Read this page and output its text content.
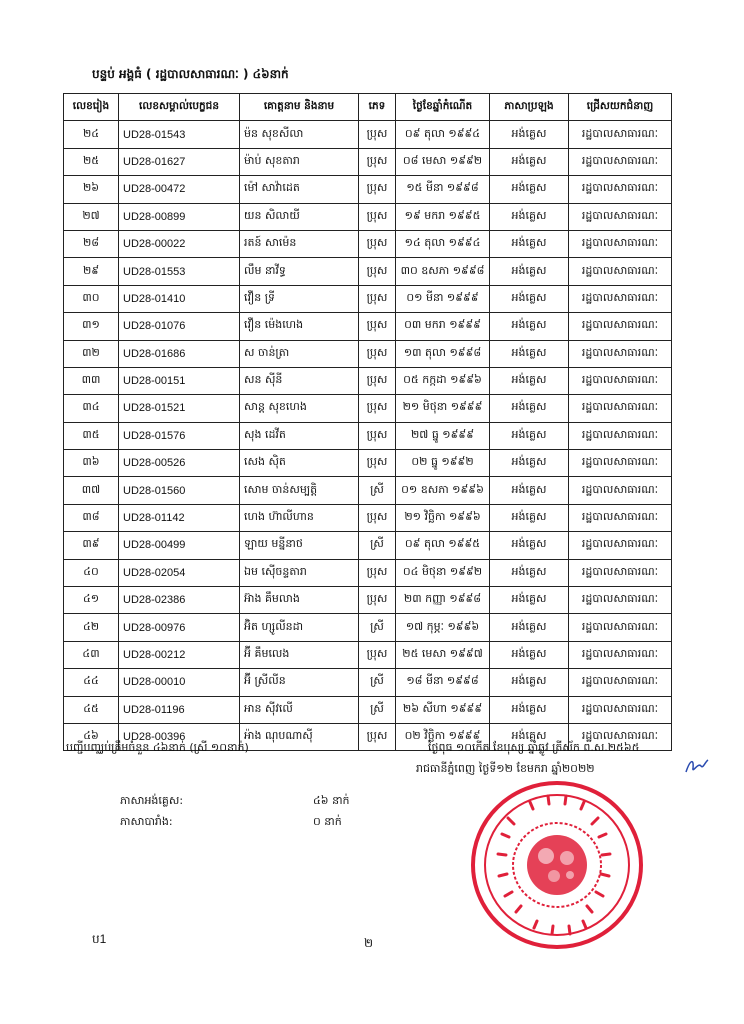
បន្ទប់ អង្គធំ ( រដ្ឋបាលសាធារណៈ ) ៤៦នាក់
លេខរៀង	លេខសម្គាល់បេក្ខជន	គោត្តនាម និងនាម	ភេទ	ថ្ងៃខែឆ្នាំកំណើត	ភាសាប្រឡង	ជ្រើសយកជំនាញ
២៤	UD28-01543	ម៉ន សុខសីលា	ប្រុស	០៩ តុលា ១៩៩៤	អង់គ្លេស	រដ្ឋបាលសាធារណៈ
២៥	UD28-01627	ម៉ាប់ សុខតារា	ប្រុស	០៨ មេសា ១៩៩២	អង់គ្លេស	រដ្ឋបាលសាធារណៈ
២៦	UD28-00472	ម៉ៅ សាវ៉ាដេត	ប្រុស	១៥ មីនា ១៩៩៨	អង់គ្លេស	រដ្ឋបាលសាធារណៈ
២៧	UD28-00899	យន សិលាយី	ប្រុស	១៩ មករា ១៩៩៥	អង់គ្លេស	រដ្ឋបាលសាធារណៈ
២៨	UD28-00022	រតន៍ សាម៉េន	ប្រុស	១៤ តុលា ១៩៩៤	អង់គ្លេស	រដ្ឋបាលសាធារណៈ
២៩	UD28-01553	លឹម នាវីទ្ធ	ប្រុស	៣០ ឧសភា ១៩៩៨	អង់គ្លេស	រដ្ឋបាលសាធារណៈ
៣០	UD28-01410	វឿន ទ្រី	ប្រុស	០១ មីនា ១៩៩៩	អង់គ្លេស	រដ្ឋបាលសាធារណៈ
៣១	UD28-01076	វឿន ម៉េងហេង	ប្រុស	០៣ មករា ១៩៩៩	អង់គ្លេស	រដ្ឋបាលសាធារណៈ
៣២	UD28-01686	ស ចាន់ត្រា	ប្រុស	១៣ តុលា ១៩៩៨	អង់គ្លេស	រដ្ឋបាលសាធារណៈ
៣៣	UD28-00151	សន ស៊ីនី	ប្រុស	០៥ កក្កដា ១៩៩៦	អង់គ្លេស	រដ្ឋបាលសាធារណៈ
៣៤	UD28-01521	សាន្ត សុខហេង	ប្រុស	២១ មិថុនា ១៩៩៩	អង់គ្លេស	រដ្ឋបាលសាធារណៈ
៣៥	UD28-01576	សុង ដេវីត	ប្រុស	២៧ ធ្នូ ១៩៩៩	អង់គ្លេស	រដ្ឋបាលសាធារណៈ
៣៦	UD28-00526	សេង ស៊ិត	ប្រុស	០២ ធ្នូ ១៩៩២	អង់គ្លេស	រដ្ឋបាលសាធារណៈ
៣៧	UD28-01560	សោម ចាន់សម្បត្តិ	ស្រី	០១ ឧសភា ១៩៩៦	អង់គ្លេស	រដ្ឋបាលសាធារណៈ
៣៨	UD28-01142	ហេង ហ៊ាលីហាន	ប្រុស	២១ វិច្ឆិកា ១៩៩៦	អង់គ្លេស	រដ្ឋបាលសាធារណៈ
៣៩	UD28-00499	ឡាយ មន្នីនាថ	ស្រី	០៩ តុលា ១៩៩៥	អង់គ្លេស	រដ្ឋបាលសាធារណៈ
៤០	UD28-02054	ឯម ស៊ើចន្ទតារា	ប្រុស	០៤ មិថុនា ១៩៩២	អង់គ្លេស	រដ្ឋបាលសាធារណៈ
៤១	UD28-02386	អ៊ាង គឹមលាង	ប្រុស	២៣ កញ្ញា ១៩៩៨	អង់គ្លេស	រដ្ឋបាលសាធារណៈ
៤២	UD28-00976	អ៊ិត ហ្សូលីនដា	ស្រី	១៧ កុម្ភៈ ១៩៩៦	អង់គ្លេស	រដ្ឋបាលសាធារណៈ
៤៣	UD28-00212	អ៊ី គឹមលេង	ប្រុស	២៥ មេសា ១៩៩៧	អង់គ្លេស	រដ្ឋបាលសាធារណៈ
៤៤	UD28-00010	អ៊ី ស្រីលីន	ស្រី	១៨ មីនា ១៩៩៨	អង់គ្លេស	រដ្ឋបាលសាធារណៈ
៤៥	UD28-01196	អាន ស៊ីវលើ	ស្រី	២៦ សីហា ១៩៩៩	អង់គ្លេស	រដ្ឋបាលសាធារណៈ
៤៦	UD28-00396	អ៉ាង ណុបណាស៊ី	ប្រុស	០២ វិច្ឆិកា ១៩៩៩	អង់គ្លេស	រដ្ឋបាលសាធារណៈ
បញ្ជីបញ្ឈប់ត្រឹមចំនួន ៤៦នាក់ (ស្រី ១០នាក់)	ថ្ងៃពុធ ១០កើត ខែបុស្ស ឆ្នាំឆ្លូវ ត្រីស័ក ព.ស.២៥៦៥
រាជធានីភ្នំពេញ ថ្ងៃទី១២ ខែមករា ឆ្នាំ២០២២
ភាសាអង់គ្លេស:	៤៦ នាក់
ភាសាបារាំង:	០ នាក់
ប1	២
